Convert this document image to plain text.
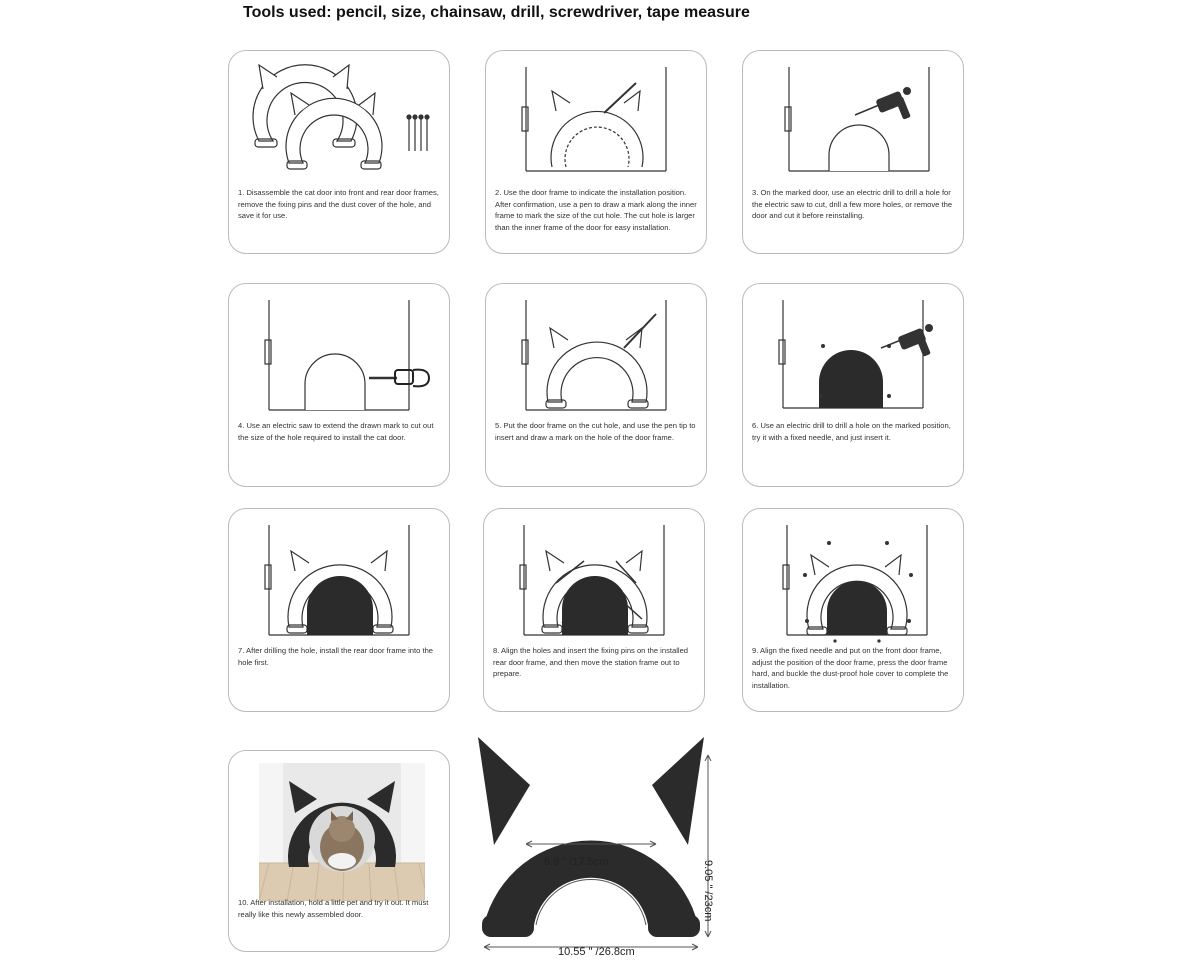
Tools used: pencil, size, chainsaw, drill, screwdriver, tape measure
1. Disassemble the cat door into front and rear door frames, remove the fixing pins and the dust cover of the hole, and save it for use.
2. Use the door frame to indicate the installation position. After confirmation, use a pen to draw a mark along the inner frame to mark the size of the cut hole. The cut hole is larger than the inner frame of the door for easy installation.
3. On the marked door, use an electric drill to drill a hole for the electric saw to cut, drill a few more holes, or remove the door and cut it before reinstalling.
4. Use an electric saw to extend the drawn mark to cut out the size of the hole required to install the cat door.
5. Put the door frame on the cut hole, and use the pen tip to insert and draw a mark on the hole of the door frame.
6. Use an electric drill to drill a hole on the marked position, try it with a fixed needle, and just insert it.
7. After drilling the hole, install the rear door frame into the hole first.
8. Align the holes and insert the fixing pins on the installed rear door frame, and then move the station frame out to prepare.
9. Align the fixed needle and put on the front door frame, adjust the position of the door frame, press the door frame hard, and buckle the dust-proof hole cover to complete the installation.
10. After installation, hold a little pet and try it out. It must really like this newly assembled door.
6.9 " /17.5cm
10.55 " /26.8cm
9.05 " /23cm
